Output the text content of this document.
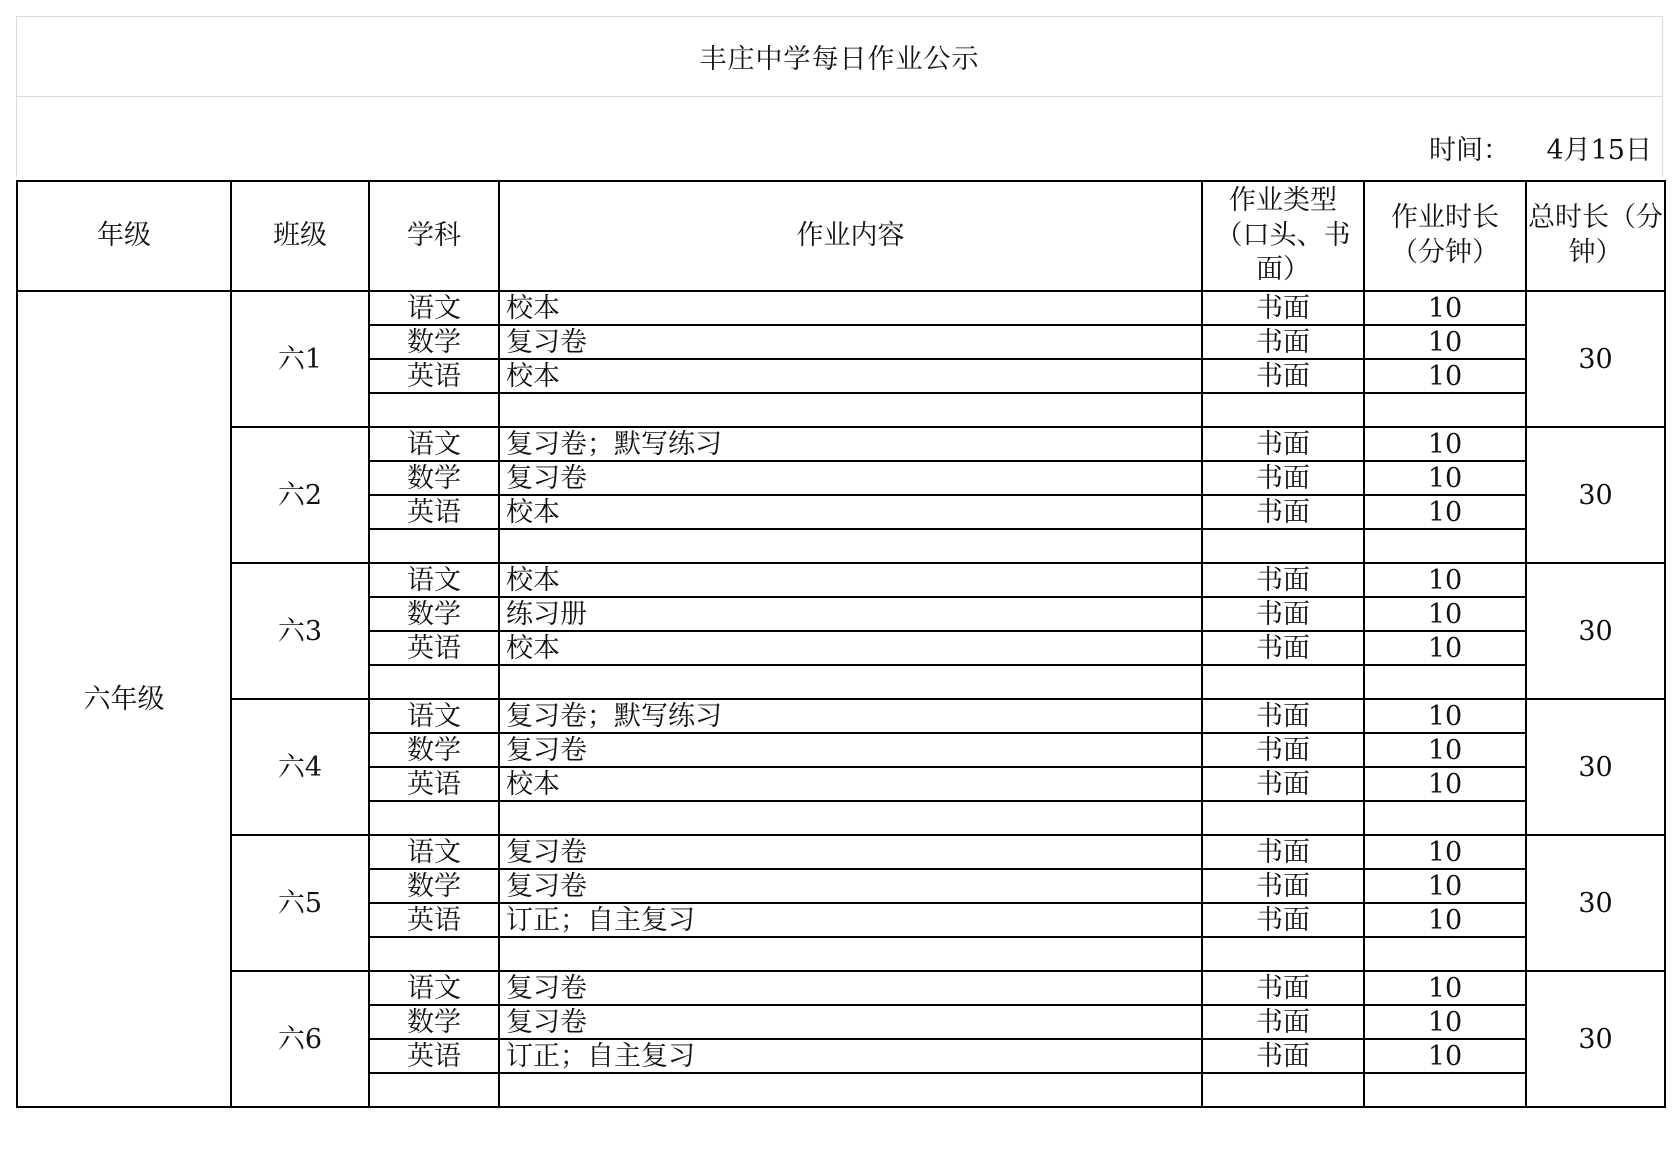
丰庄中学每日作业公示
时间： 4月15日
年级	班级	学科	作业内容	作业类型（口头、书面）	作业时长（分钟）	总时长（分钟）
六年级	六1	语文	校本	书面	10	30
		数学	复习卷	书面	10	
		英语	校本	书面	10	

	六2	语文	复习卷；默写练习	书面	10	30
		数学	复习卷	书面	10	
		英语	校本	书面	10	

	六3	语文	校本	书面	10	30
		数学	练习册	书面	10	
		英语	校本	书面	10	

	六4	语文	复习卷；默写练习	书面	10	30
		数学	复习卷	书面	10	
		英语	校本	书面	10	

	六5	语文	复习卷	书面	10	30
		数学	复习卷	书面	10	
		英语	订正；自主复习	书面	10	

	六6	语文	复习卷	书面	10	30
		数学	复习卷	书面	10	
		英语	订正；自主复习	书面	10	
